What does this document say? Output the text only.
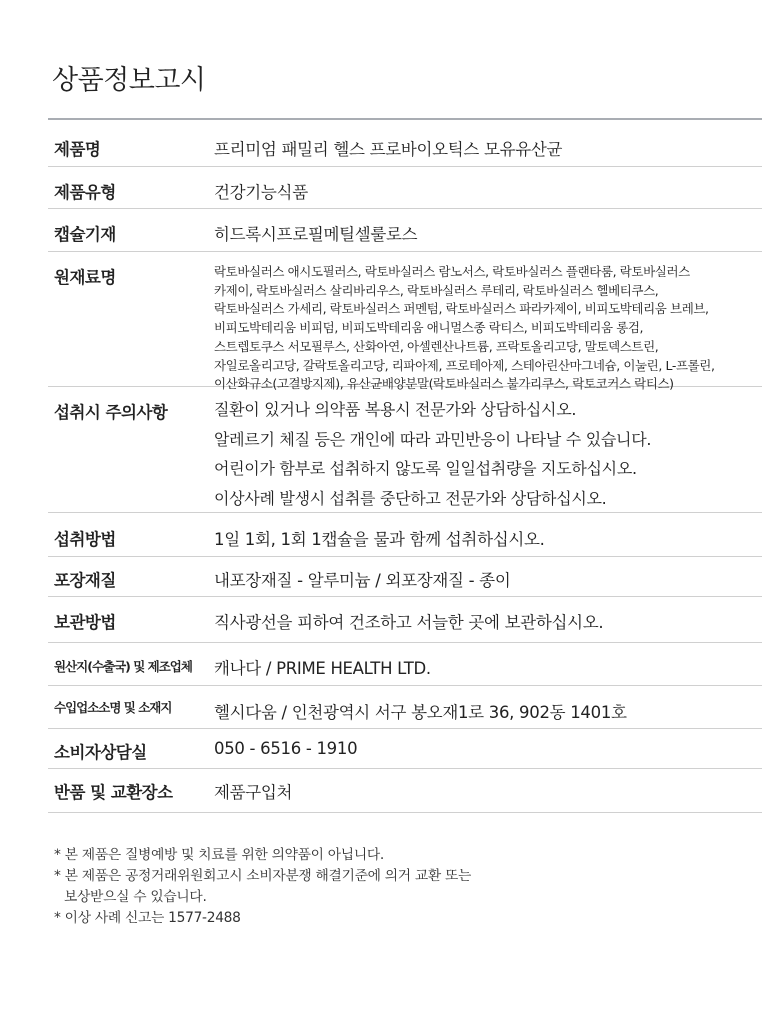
상품정보고시
제품명	프리미엄 패밀리 헬스 프로바이오틱스 모유유산균
제품유형	건강기능식품
캡슐기재	히드록시프로필메틸셀룰로스
원재료명	락토바실러스 애시도필러스, 락토바실러스 람노서스, 락토바실러스 플랜타룸, 락토바실러스
카제이, 락토바실러스 살리바리우스, 락토바실러스 루테리, 락토바실러스 헬베티쿠스,
락토바실러스 가세리, 락토바실러스 퍼멘텀, 락토바실러스 파라카제이, 비피도박테리움 브레브,
비피도박테리움 비피덤, 비피도박테리움 애니멀스종 락티스, 비피도박테리움 롱검,
스트렙토쿠스 서모필루스, 산화아연, 아셀렌산나트륨, 프락토올리고당, 말토덱스트린,
자일로올리고당, 갈락토올리고당, 리파아제, 프로테아제, 스테아린산마그네슘, 이눌린, L-프롤린,
이산화규소(고결방지제), 유산균배양분말(락토바실러스 불가리쿠스, 락토코커스 락티스)
섭취시 주의사항	질환이 있거나 의약품 복용시 전문가와 상담하십시오.
알레르기 체질 등은 개인에 따라 과민반응이 나타날 수 있습니다.
어린이가 함부로 섭취하지 않도록 일일섭취량을 지도하십시오.
이상사례 발생시 섭취를 중단하고 전문가와 상담하십시오.
섭취방법	1일 1회, 1회 1캡슐을 물과 함께 섭취하십시오.
포장재질	내포장재질 - 알루미늄 / 외포장재질 - 종이
보관방법	직사광선을 피하여 건조하고 서늘한 곳에 보관하십시오.
원산지(수출국) 및 제조업체	캐나다 / PRIME HEALTH LTD.
수입업소소명 및 소재지	헬시다움 / 인천광역시 서구 봉오재1로 36, 902동 1401호
소비자상담실	050 - 6516 - 1910
반품 및 교환장소	제품구입처
* 본 제품은 질병예방 및 치료를 위한 의약품이 아닙니다.
* 본 제품은 공정거래위원회고시 소비자분쟁 해결기준에 의거 교환 또는
보상받으실 수 있습니다.
* 이상 사례 신고는 1577-2488
